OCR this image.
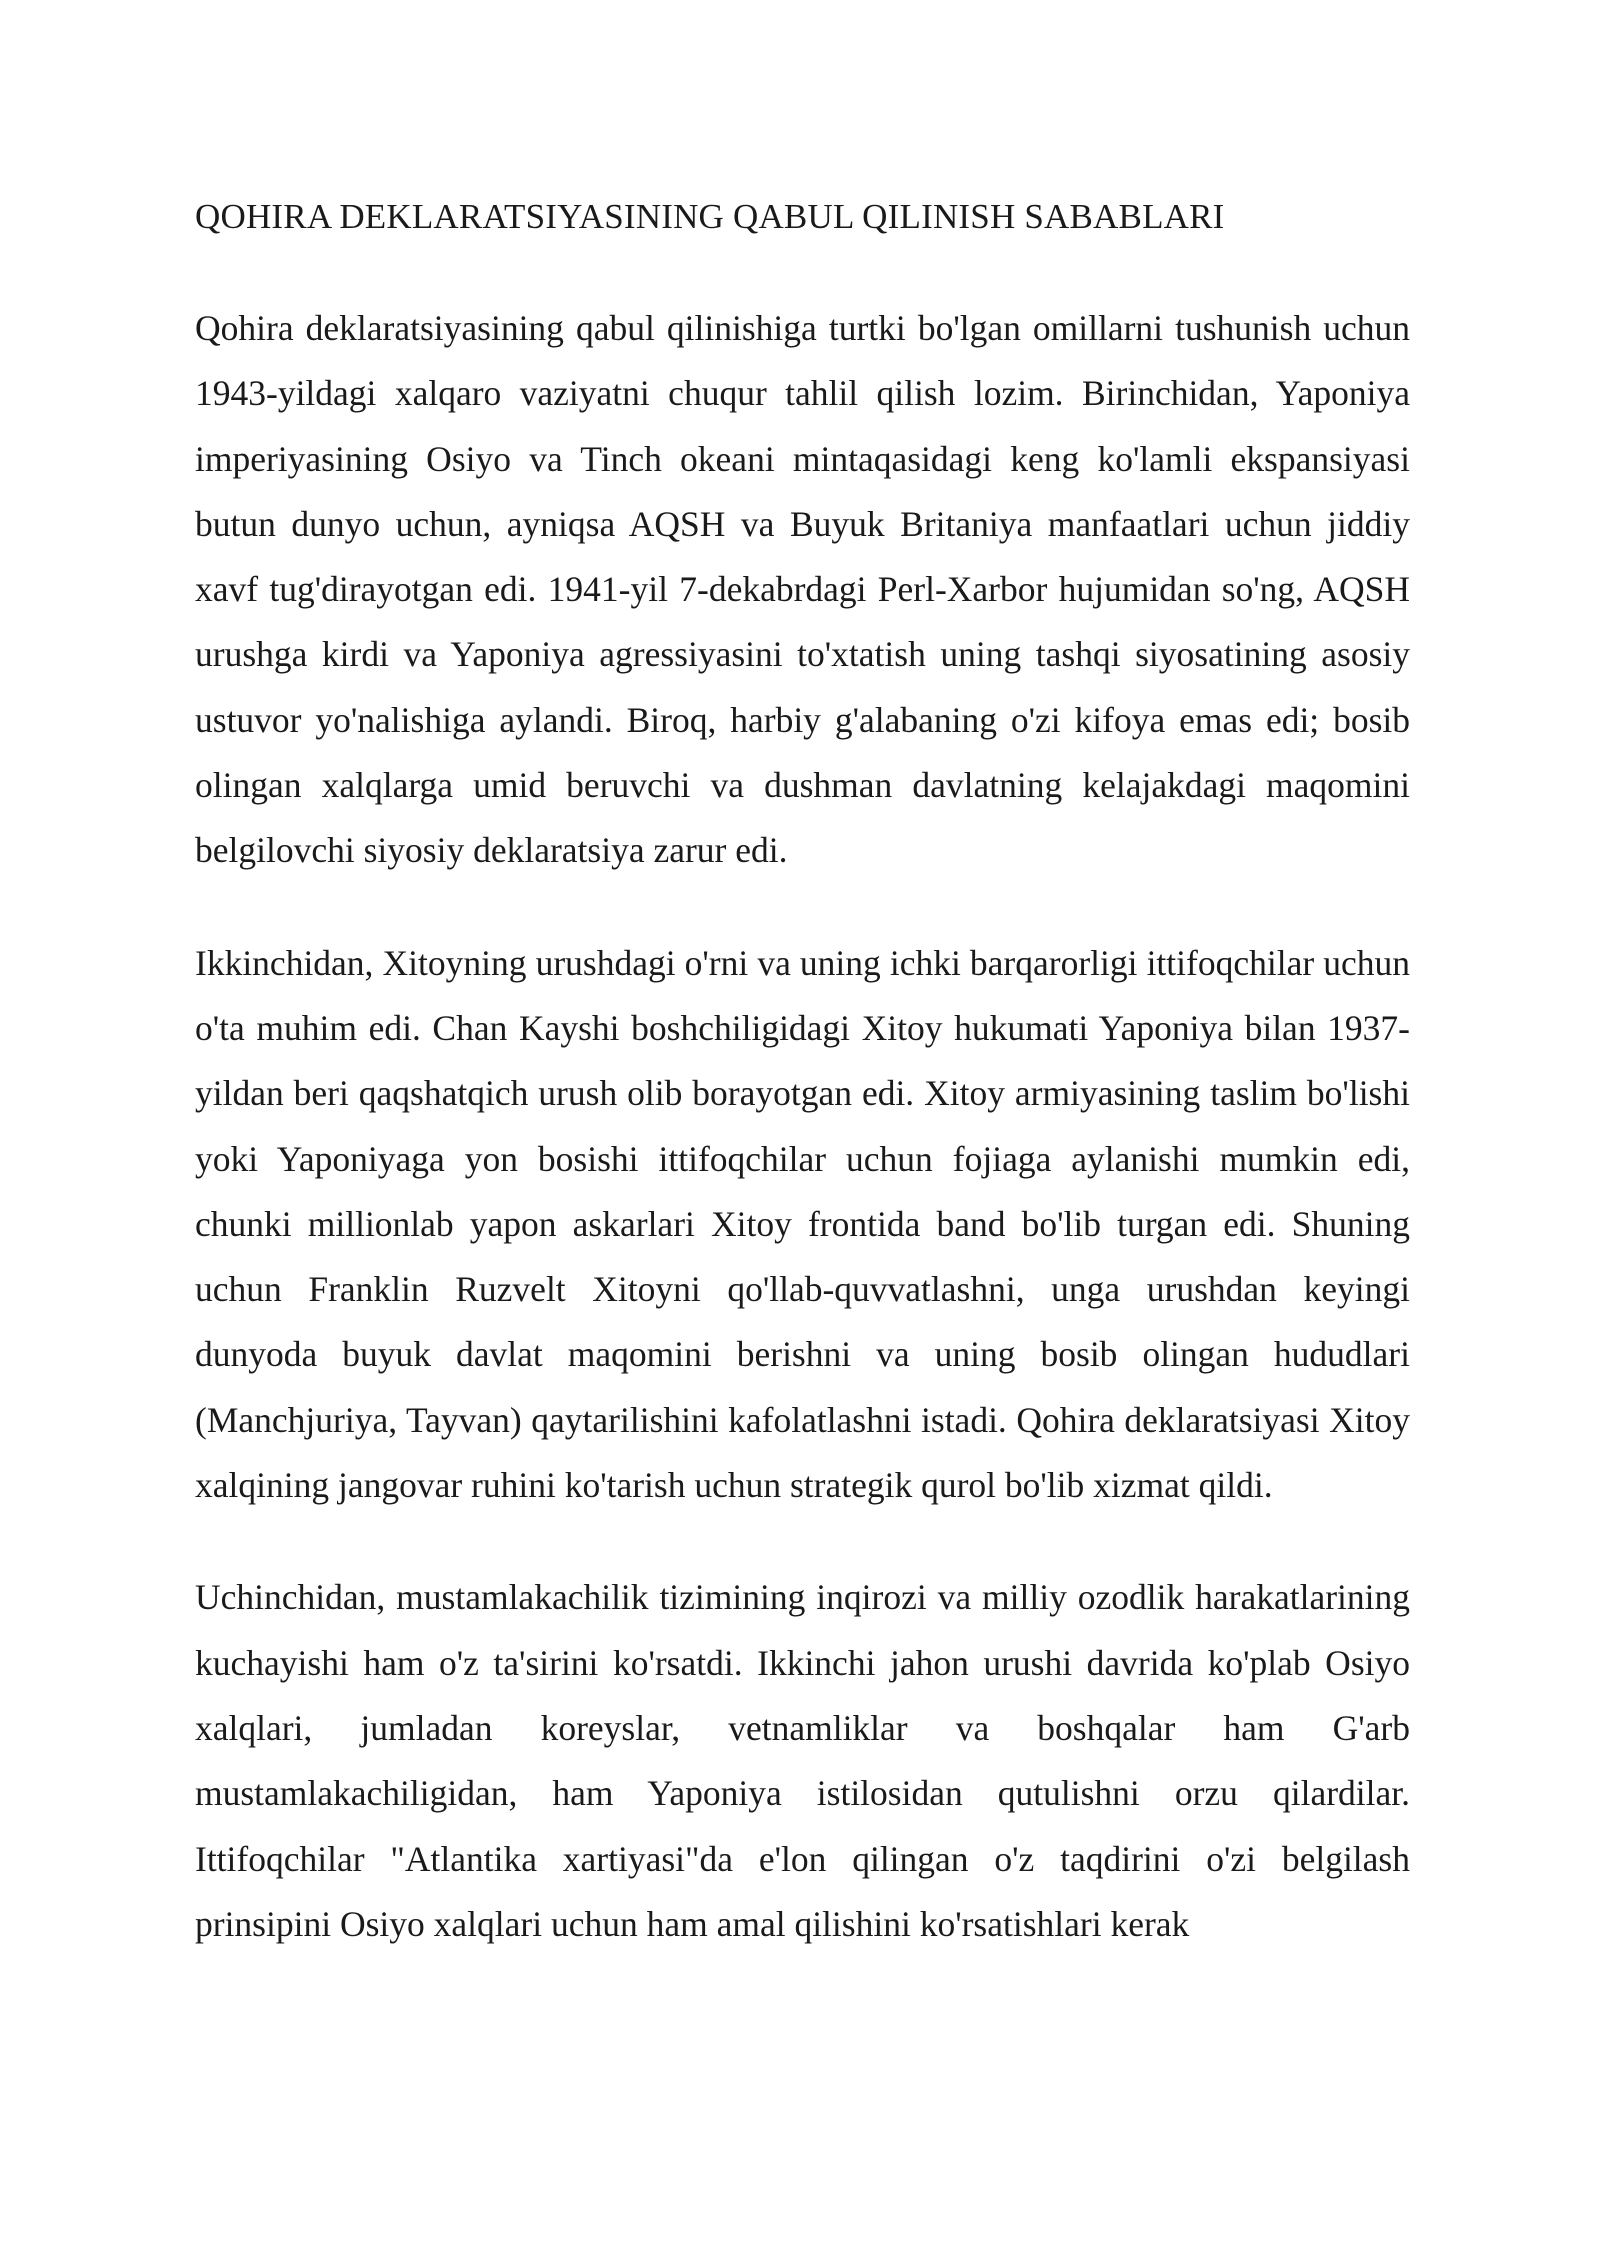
QOHIRA DEKLARATSIYASINING QABUL QILINISH SABABLARI

Qohira deklaratsiyasining qabul qilinishiga turtki bo'lgan omillarni tushunish uchun 1943-yildagi xalqaro vaziyatni chuqur tahlil qilish lozim. Birinchidan, Yaponiya imperiyasining Osiyo va Tinch okeani mintaqasidagi keng ko'lamli ekspansiyasi butun dunyo uchun, ayniqsa AQSH va Buyuk Britaniya manfaatlari uchun jiddiy xavf tug'dirayotgan edi. 1941-yil 7-dekabrdagi Perl-Xarbor hujumidan so'ng, AQSH urushga kirdi va Yaponiya agressiyasini to'xtatish uning tashqi siyosatining asosiy ustuvor yo'nalishiga aylandi. Biroq, harbiy g'alabaning o'zi kifoya emas edi; bosib olingan xalqlarga umid beruvchi va dushman davlatning kelajakdagi maqomini belgilovchi siyosiy deklaratsiya zarur edi.

Ikkinchidan, Xitoyning urushdagi o'rni va uning ichki barqarorligi ittifoqchilar uchun o'ta muhim edi. Chan Kayshi boshchiligidagi Xitoy hukumati Yaponiya bilan 1937-yildan beri qaqshatqich urush olib borayotgan edi. Xitoy armiyasining taslim bo'lishi yoki Yaponiyaga yon bosishi ittifoqchilar uchun fojiaga aylanishi mumkin edi, chunki millionlab yapon askarlari Xitoy frontida band bo'lib turgan edi. Shuning uchun Franklin Ruzvelt Xitoyni qo'llab-quvvatlashni, unga urushdan keyingi dunyoda buyuk davlat maqomini berishni va uning bosib olingan hududlari (Manchjuriya, Tayvan) qaytarilishini kafolatlashni istadi. Qohira deklaratsiyasi Xitoy xalqining jangovar ruhini ko'tarish uchun strategik qurol bo'lib xizmat qildi.

Uchinchidan, mustamlakachilik tizimining inqirozi va milliy ozodlik harakatlarining kuchayishi ham o'z ta'sirini ko'rsatdi. Ikkinchi jahon urushi davrida ko'plab Osiyo xalqlari, jumladan koreyslar, vetnamliklar va boshqalar ham G'arb mustamlakachiligidan, ham Yaponiya istilosidan qutulishni orzu qilardilar. Ittifoqchilar "Atlantika xartiyasi"da e'lon qilingan o'z taqdirini o'zi belgilash prinsipini Osiyo xalqlari uchun ham amal qilishini ko'rsatishlari kerak
